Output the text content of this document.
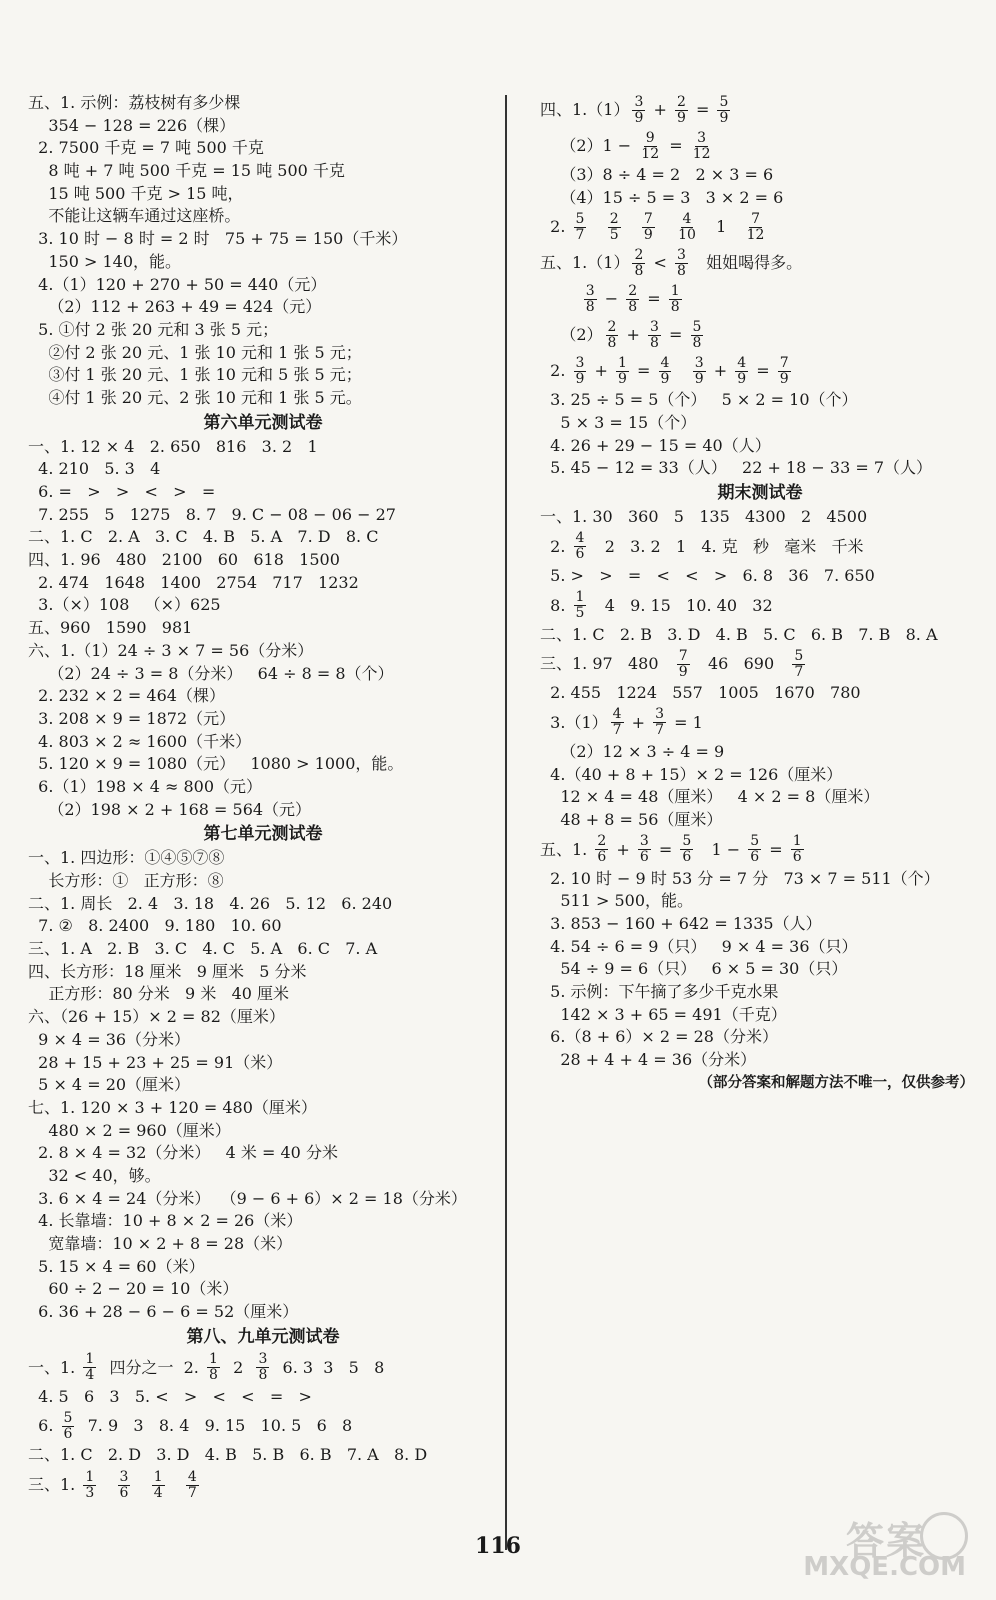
五、1. 示例：荔枝树有多少棵
354 − 128 = 226（棵）
2. 7500 千克 = 7 吨 500 千克
8 吨 + 7 吨 500 千克 = 15 吨 500 千克
15 吨 500 千克 > 15 吨，
不能让这辆车通过这座桥。
3. 10 时 − 8 时 = 2 时   75 + 75 = 150（千米）
150 > 140，能。
4.（1）120 + 270 + 50 = 440（元）
（2）112 + 263 + 49 = 424（元）
5. ①付 2 张 20 元和 3 张 5 元；
②付 2 张 20 元、1 张 10 元和 1 张 5 元；
③付 1 张 20 元、1 张 10 元和 5 张 5 元；
④付 1 张 20 元、2 张 10 元和 1 张 5 元。
第六单元测试卷
一、1. 12 × 4   2. 650   816   3. 2   1
4. 210   5. 3   4
6. =   >   >   <   >   =
7. 255   5   1275   8. 7   9. C − 08 − 06 − 27
二、1. C   2. A   3. C   4. B   5. A   7. D   8. C
四、1. 96   480   2100   60   618   1500
2. 474   1648   1400   2754   717   1232
3.（×）108   （×）625
五、960   1590   981
六、1.（1）24 ÷ 3 × 7 = 56（分米）
（2）24 ÷ 3 = 8（分米）   64 ÷ 8 = 8（个）
2. 232 × 2 = 464（棵）
3. 208 × 9 = 1872（元）
4. 803 × 2 ≈ 1600（千米）
5. 120 × 9 = 1080（元）   1080 > 1000，能。
6.（1）198 × 4 ≈ 800（元）
（2）198 × 2 + 168 = 564（元）
第七单元测试卷
一、1. 四边形：①④⑤⑦⑧
长方形：①   正方形：⑧
二、1. 周长   2. 4   3. 18   4. 26   5. 12   6. 240
7. ②   8. 2400   9. 180   10. 60
三、1. A   2. B   3. C   4. C   5. A   6. C   7. A
四、长方形：18 厘米   9 厘米   5 分米
正方形：80 分米   9 米   40 厘米
六、（26 + 15）× 2 = 82（厘米）
9 × 4 = 36（分米）
28 + 15 + 23 + 25 = 91（米）
5 × 4 = 20（厘米）
七、1. 120 × 3 + 120 = 480（厘米）
480 × 2 = 960（厘米）
2. 8 × 4 = 32（分米）   4 米 = 40 分米
32 < 40，够。
3. 6 × 4 = 24（分米）  （9 − 6 + 6）× 2 = 18（分米）
4. 长靠墙：10 + 8 × 2 = 26（米）
宽靠墙：10 × 2 + 8 = 28（米）
5. 15 × 4 = 60（米）
60 ÷ 2 − 20 = 10（米）
6. 36 + 28 − 6 − 6 = 52（厘米）
第八、九单元测试卷
一、1. $\frac{1}{4}$ 四分之一  2. $\frac{1}{8} 2 \frac{3}{8} 6$. 3  3   5   8
4. 5   6   3   5. <   >   <   <   =   >
6. $\frac{5}{6} 7$. 9   3   8. 4   9. 15   10. 5   6   8
二、1. C   2. D   3. D   4. B   5. B   6. B   7. A   8. D
三、1. $\frac{1}{3}$
$\frac{3}{6}$
$\frac{1}{4}$
$\frac{4}{7}$
四、$1.(1) \frac{3}{9} + \frac{2}{9} = \frac{5}{9}$
$(2)1 - \frac{9}{12} = \frac{3}{12}$
（3）8 ÷ 4 = 2   2 × 3 = 6
（4）15 ÷ 5 = 3   3 × 2 = 6
2. $\frac{5}{7}$
$\frac{2}{5}$
$\frac{7}{9}$
$\frac{4}{10} 1 \frac{7}{12}$
五、$1.(1) \frac{2}{8} < \frac{3}{8}$ 姐姐喝得多。

$\frac{3}{8} - \frac{2}{8} = \frac{1}{8}$
$(2) \frac{2}{8} + \frac{3}{8} = \frac{5}{8}$
2. $\frac{3}{9} + \frac{1}{9} = \frac{4}{9}$
$\frac{3}{9} + \frac{4}{9} = \frac{7}{9}$
3. 25 ÷ 5 = 5（个）   5 × 2 = 10（个）
5 × 3 = 15（个）
4. 26 + 29 − 15 = 40（人）
5. 45 − 12 = 33（人）   22 + 18 − 33 = 7（人）
期末测试卷
一、1. 30   360   5   135   4300   2   4500
2. $\frac{4}{6} 2$   3. 2   1   4. 克   秒   毫米   千米
5. >   >   =   <   <   >   6. 8   36   7. 650
8. $\frac{1}{5} 4$   9. 15   10. 40   32
二、1. C   2. B   3. D   4. B   5. C   6. B   7. B   8. A
三、1. 97   $480 \frac{7}{9} 46$   $690 \frac{5}{7}$
2. 455   1224   557   1005   1670   780
$3.(1) \frac{4}{7} + \frac{3}{7} = 1$
（2）12 × 3 ÷ 4 = 9
4.（40 + 8 + 15）× 2 = 126（厘米）
12 × 4 = 48（厘米）   4 × 2 = 8（厘米）
48 + 8 = 56（厘米）
五、1. $\frac{2}{6} + \frac{3}{6} = \frac{5}{6} 1 - \frac{5}{6} = \frac{1}{6}$
2. 10 时 − 9 时 53 分 = 7 分   73 × 7 = 511（个）
511 > 500，能。
3. 853 − 160 + 642 = 1335（人）
4. 54 ÷ 6 = 9（只）   9 × 4 = 36（只）
54 ÷ 9 = 6（只）   6 × 5 = 30（只）
5. 示例：下午摘了多少千克水果
142 × 3 + 65 = 491（千克）
6.（8 + 6）× 2 = 28（分米）
28 + 4 + 4 = 36（分米）
（部分答案和解题方法不唯一，仅供参考）
116	答案
MXQE.COM
